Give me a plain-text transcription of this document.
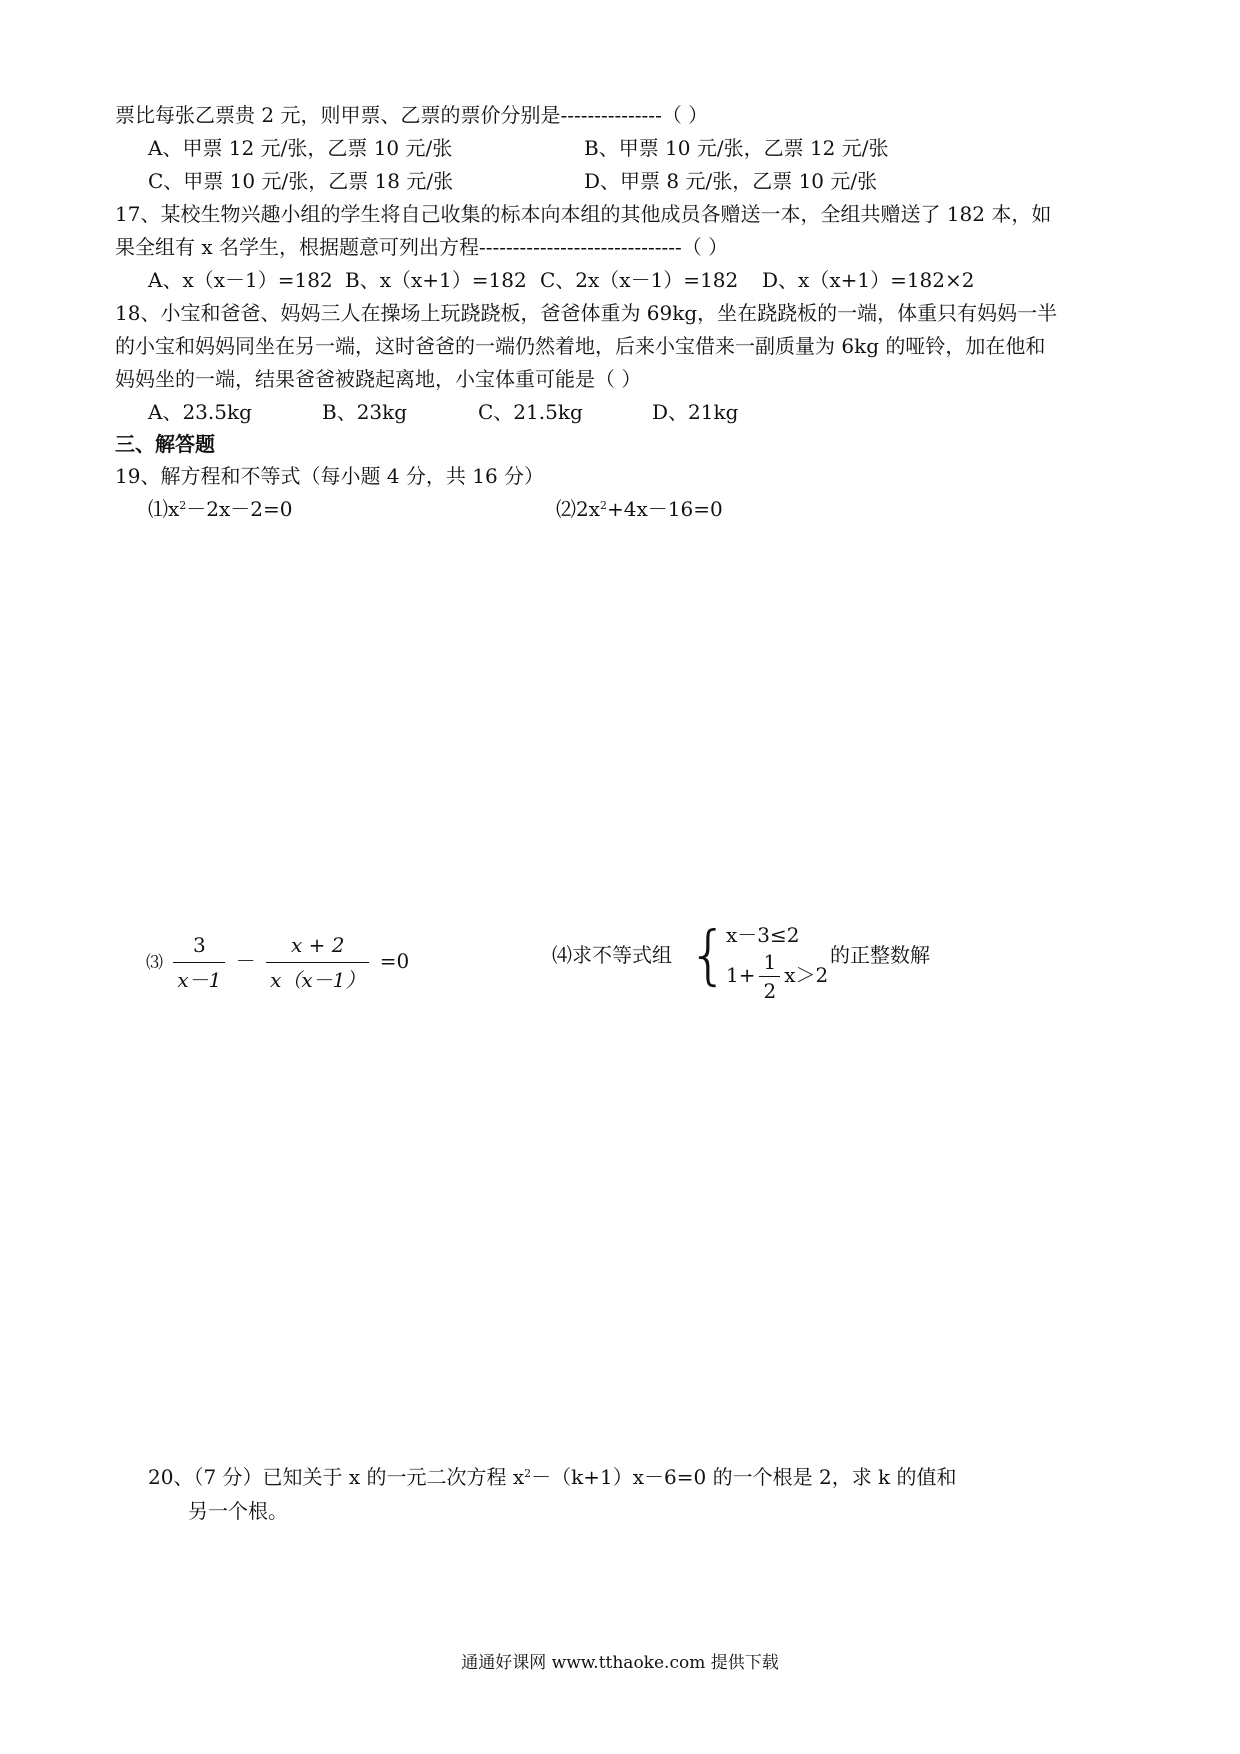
票比每张乙票贵 2 元，则甲票、乙票的票价分别是---------------（ ）
A、甲票 12 元/张，乙票 10 元/张	B、甲票 10 元/张，乙票 12 元/张
C、甲票 10 元/张，乙票 18 元/张	D、甲票 8 元/张，乙票 10 元/张
17、某校生物兴趣小组的学生将自己收集的标本向本组的其他成员各赠送一本，全组共赠送了 182 本，如
果全组有 x 名学生，根据题意可列出方程------------------------------（ ）
A、x（x－1）=182 B、x（x+1）=182 C、2x（x－1）=182 D、x（x+1）=182×2
18、小宝和爸爸、妈妈三人在操场上玩跷跷板，爸爸体重为 69kg，坐在跷跷板的一端，体重只有妈妈一半
的小宝和妈妈同坐在另一端，这时爸爸的一端仍然着地，后来小宝借来一副质量为 6kg 的哑铃，加在他和
妈妈坐的一端，结果爸爸被跷起离地，小宝体重可能是（ ）
A、23.5kg	B、23kg	C、21.5kg	D、21kg
三、解答题
19、解方程和不等式（每小题 4 分，共 16 分）
$⑴x^2-2x-2=0$	$⑵2x^2+4x-16=0$
⑶ $\frac{3}{x-1} - \frac{x + 2}{x(x-1)} =0$	⑷求不等式组 {
x－3≤2
$1+ \frac{1}{2} x>2$
的正整数解
20、（7 分）已知关于 x 的一元二次方程 $x^2-(k+1)x-6=0$ 的一个根是 2，求 k 的值和
另一个根。
通通好课网 www.tthaoke.com 提供下载
